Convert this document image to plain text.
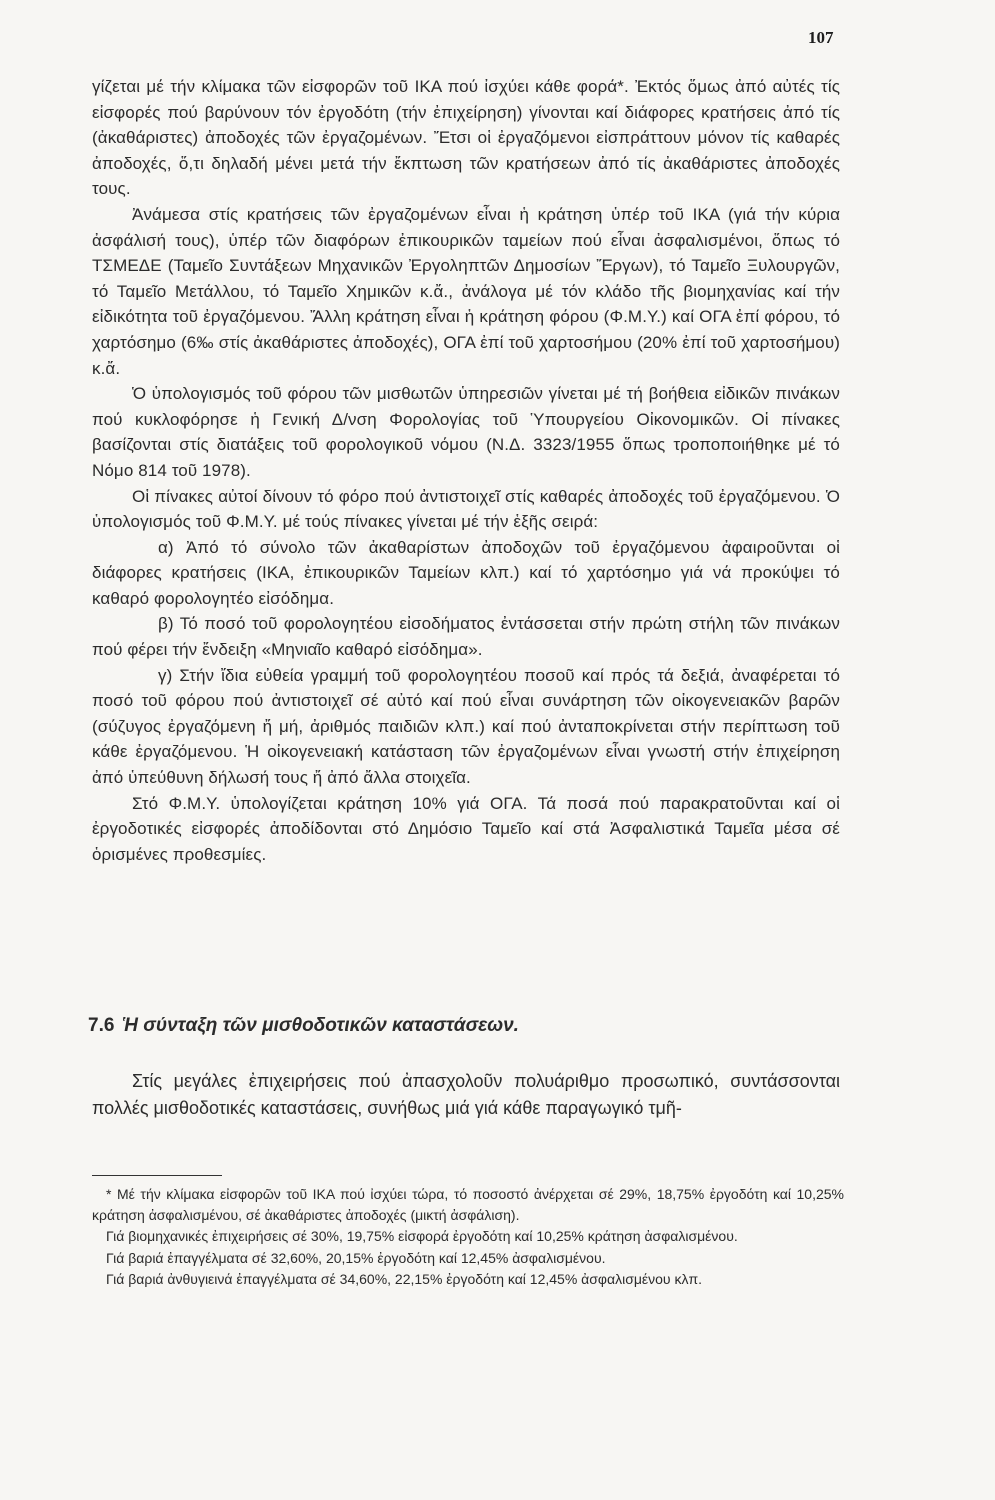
107

γίζεται μέ τήν κλίμακα τῶν εἰσφορῶν τοῦ ΙΚΑ πού ἰσχύει κάθε φορά*. Ἐκτός ὅμως ἀπό αὐτές τίς εἰσφορές πού βαρύνουν τόν ἐργοδότη (τήν ἐπιχείρηση) γίνονται καί διάφορες κρατήσεις ἀπό τίς (ἀκαθάριστες) ἀποδοχές τῶν ἐργαζομένων. Ἔτσι οἱ ἐργαζόμενοι εἰσπράττουν μόνον τίς καθαρές ἀποδοχές, ὅ,τι δηλαδή μένει μετά τήν ἔκπτωση τῶν κρατήσεων ἀπό τίς ἀκαθάριστες ἀποδοχές τους.

Ἀνάμεσα στίς κρατήσεις τῶν ἐργαζομένων εἶναι ἡ κράτηση ὑπέρ τοῦ ΙΚΑ (γιά τήν κύρια ἀσφάλισή τους), ὑπέρ τῶν διαφόρων ἐπικουρικῶν ταμείων πού εἶναι ἀσφαλισμένοι, ὅπως τό ΤΣΜΕΔΕ (Ταμεῖο Συντάξεων Μηχανικῶν Ἐργοληπτῶν Δημοσίων Ἔργων), τό Ταμεῖο Ξυλουργῶν, τό Ταμεῖο Μετάλλου, τό Ταμεῖο Χημικῶν κ.ἄ., ἀνάλογα μέ τόν κλάδο τῆς βιομηχανίας καί τήν εἰδικότητα τοῦ ἐργαζόμενου. Ἄλλη κράτηση εἶναι ἡ κράτηση φόρου (Φ.Μ.Υ.) καί ΟΓΑ ἐπί φόρου, τό χαρτόσημο (6‰ στίς ἀκαθάριστες ἀποδοχές), ΟΓΑ ἐπί τοῦ χαρτοσήμου (20% ἐπί τοῦ χαρτοσήμου) κ.ἄ.

Ὁ ὑπολογισμός τοῦ φόρου τῶν μισθωτῶν ὑπηρεσιῶν γίνεται μέ τή βοήθεια εἰδικῶν πινάκων πού κυκλοφόρησε ἡ Γενική Δ/νση Φορολογίας τοῦ Ὑπουργείου Οἰκονομικῶν. Οἱ πίνακες βασίζονται στίς διατάξεις τοῦ φορολογικοῦ νόμου (Ν.Δ. 3323/1955 ὅπως τροποποιήθηκε μέ τό Νόμο 814 τοῦ 1978).

Οἱ πίνακες αὐτοί δίνουν τό φόρο πού ἀντιστοιχεῖ στίς καθαρές ἀποδοχές τοῦ ἐργαζόμενου. Ὁ ὑπολογισμός τοῦ Φ.Μ.Υ. μέ τούς πίνακες γίνεται μέ τήν ἑξῆς σειρά:

α) Ἀπό τό σύνολο τῶν ἀκαθαρίστων ἀποδοχῶν τοῦ ἐργαζόμενου ἀφαιροῦνται οἱ διάφορες κρατήσεις (ΙΚΑ, ἐπικουρικῶν Ταμείων κλπ.) καί τό χαρτόσημο γιά νά προκύψει τό καθαρό φορολογητέο εἰσόδημα.

β) Τό ποσό τοῦ φορολογητέου εἰσοδήματος ἐντάσσεται στήν πρώτη στήλη τῶν πινάκων πού φέρει τήν ἔνδειξη «Μηνιαῖο καθαρό εἰσόδημα».

γ) Στήν ἴδια εὐθεία γραμμή τοῦ φορολογητέου ποσοῦ καί πρός τά δεξιά, ἀναφέρεται τό ποσό τοῦ φόρου πού ἀντιστοιχεῖ σέ αὐτό καί πού εἶναι συνάρτηση τῶν οἰκογενειακῶν βαρῶν (σύζυγος ἐργαζόμενη ἤ μή, ἀριθμός παιδιῶν κλπ.) καί πού ἀνταποκρίνεται στήν περίπτωση τοῦ κάθε ἐργαζόμενου. Ἡ οἰκογενειακή κατάσταση τῶν ἐργαζομένων εἶναι γνωστή στήν ἐπιχείρηση ἀπό ὑπεύθυνη δήλωσή τους ἤ ἀπό ἄλλα στοιχεῖα.

Στό Φ.Μ.Υ. ὑπολογίζεται κράτηση 10% γιά ΟΓΑ. Τά ποσά πού παρακρατοῦνται καί οἱ ἐργοδοτικές εἰσφορές ἀποδίδονται στό Δημόσιο Ταμεῖο καί στά Ἀσφαλιστικά Ταμεῖα μέσα σέ ὁρισμένες προθεσμίες.

7.6 Ἡ σύνταξη τῶν μισθοδοτικῶν καταστάσεων.

Στίς μεγάλες ἐπιχειρήσεις πού ἀπασχολοῦν πολυάριθμο προσωπικό, συντάσσονται πολλές μισθοδοτικές καταστάσεις, συνήθως μιά γιά κάθε παραγωγικό τμῆ-

* Μέ τήν κλίμακα εἰσφορῶν τοῦ ΙΚΑ πού ἰσχύει τώρα, τό ποσοστό ἀνέρχεται σέ 29%, 18,75% ἐργοδότη καί 10,25% κράτηση ἀσφαλισμένου, σέ ἀκαθάριστες ἀποδοχές (μικτή ἀσφάλιση).

Γιά βιομηχανικές ἐπιχειρήσεις σέ 30%, 19,75% εἰσφορά ἐργοδότη καί 10,25% κράτηση ἀσφαλισμένου.

Γιά βαριά ἐπαγγέλματα σέ 32,60%, 20,15% ἐργοδότη καί 12,45% ἀσφαλισμένου.

Γιά βαριά ἀνθυγιεινά ἐπαγγέλματα σέ 34,60%, 22,15% ἐργοδότη καί 12,45% ἀσφαλισμένου κλπ.
